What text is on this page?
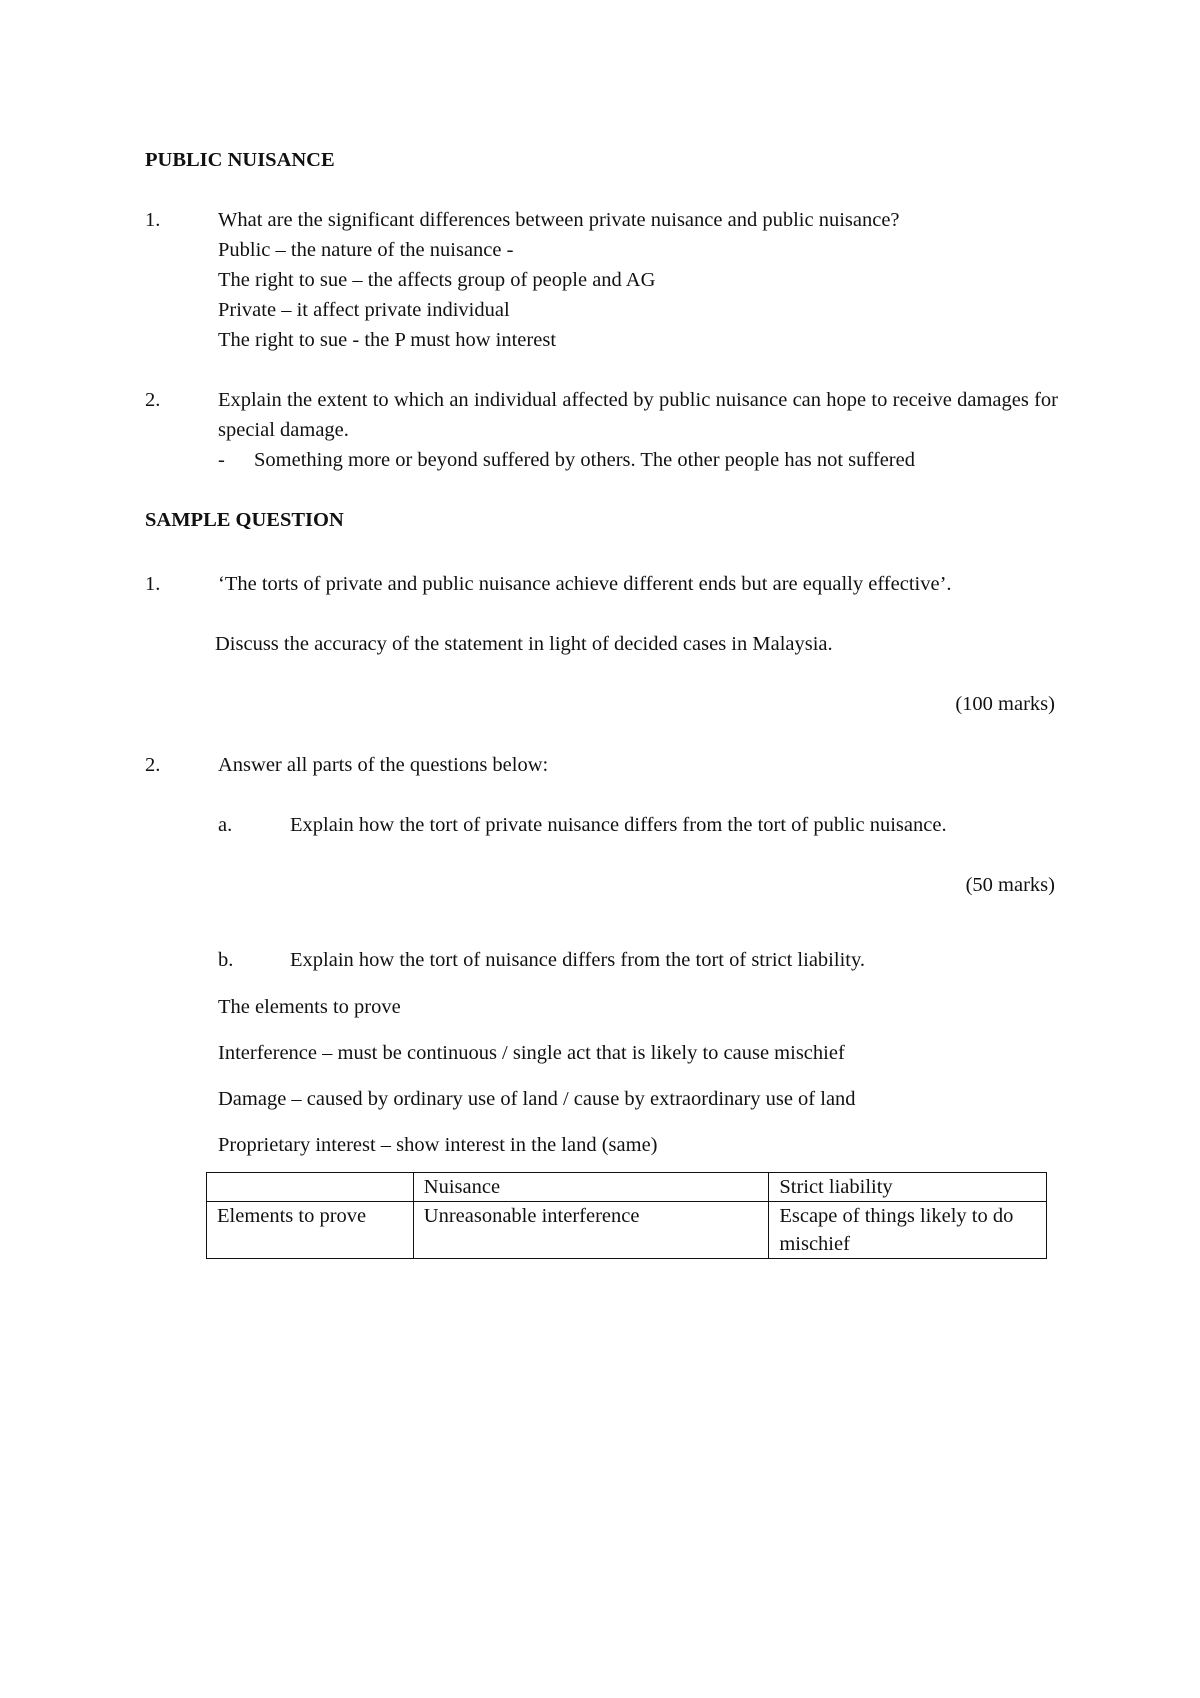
PUBLIC NUISANCE
1.	What are the significant differences between private nuisance and public nuisance?
Public – the nature of the nuisance -
The right to sue – the affects group of people and AG
Private – it affect private individual
The right to sue - the P must how interest
2.	Explain the extent to which an individual affected by public nuisance can hope to receive damages for special damage.
- Something more or beyond suffered by others. The other people has not suffered
SAMPLE QUESTION
1.	‘The torts of private and public nuisance achieve different ends but are equally effective’.
Discuss the accuracy of the statement in light of decided cases in Malaysia.
(100 marks)
2.	Answer all parts of the questions below:
a.	Explain how the tort of private nuisance differs from the tort of public nuisance.
(50 marks)
b.	Explain how the tort of nuisance differs from the tort of strict liability.
The elements to prove
Interference – must be continuous / single act that is likely to cause mischief
Damage – caused by ordinary use of land / cause by extraordinary use of land
Proprietary interest – show interest in the land (same)
	Nuisance	Strict liability
Elements to prove	Unreasonable interference	Escape of things likely to do mischief
